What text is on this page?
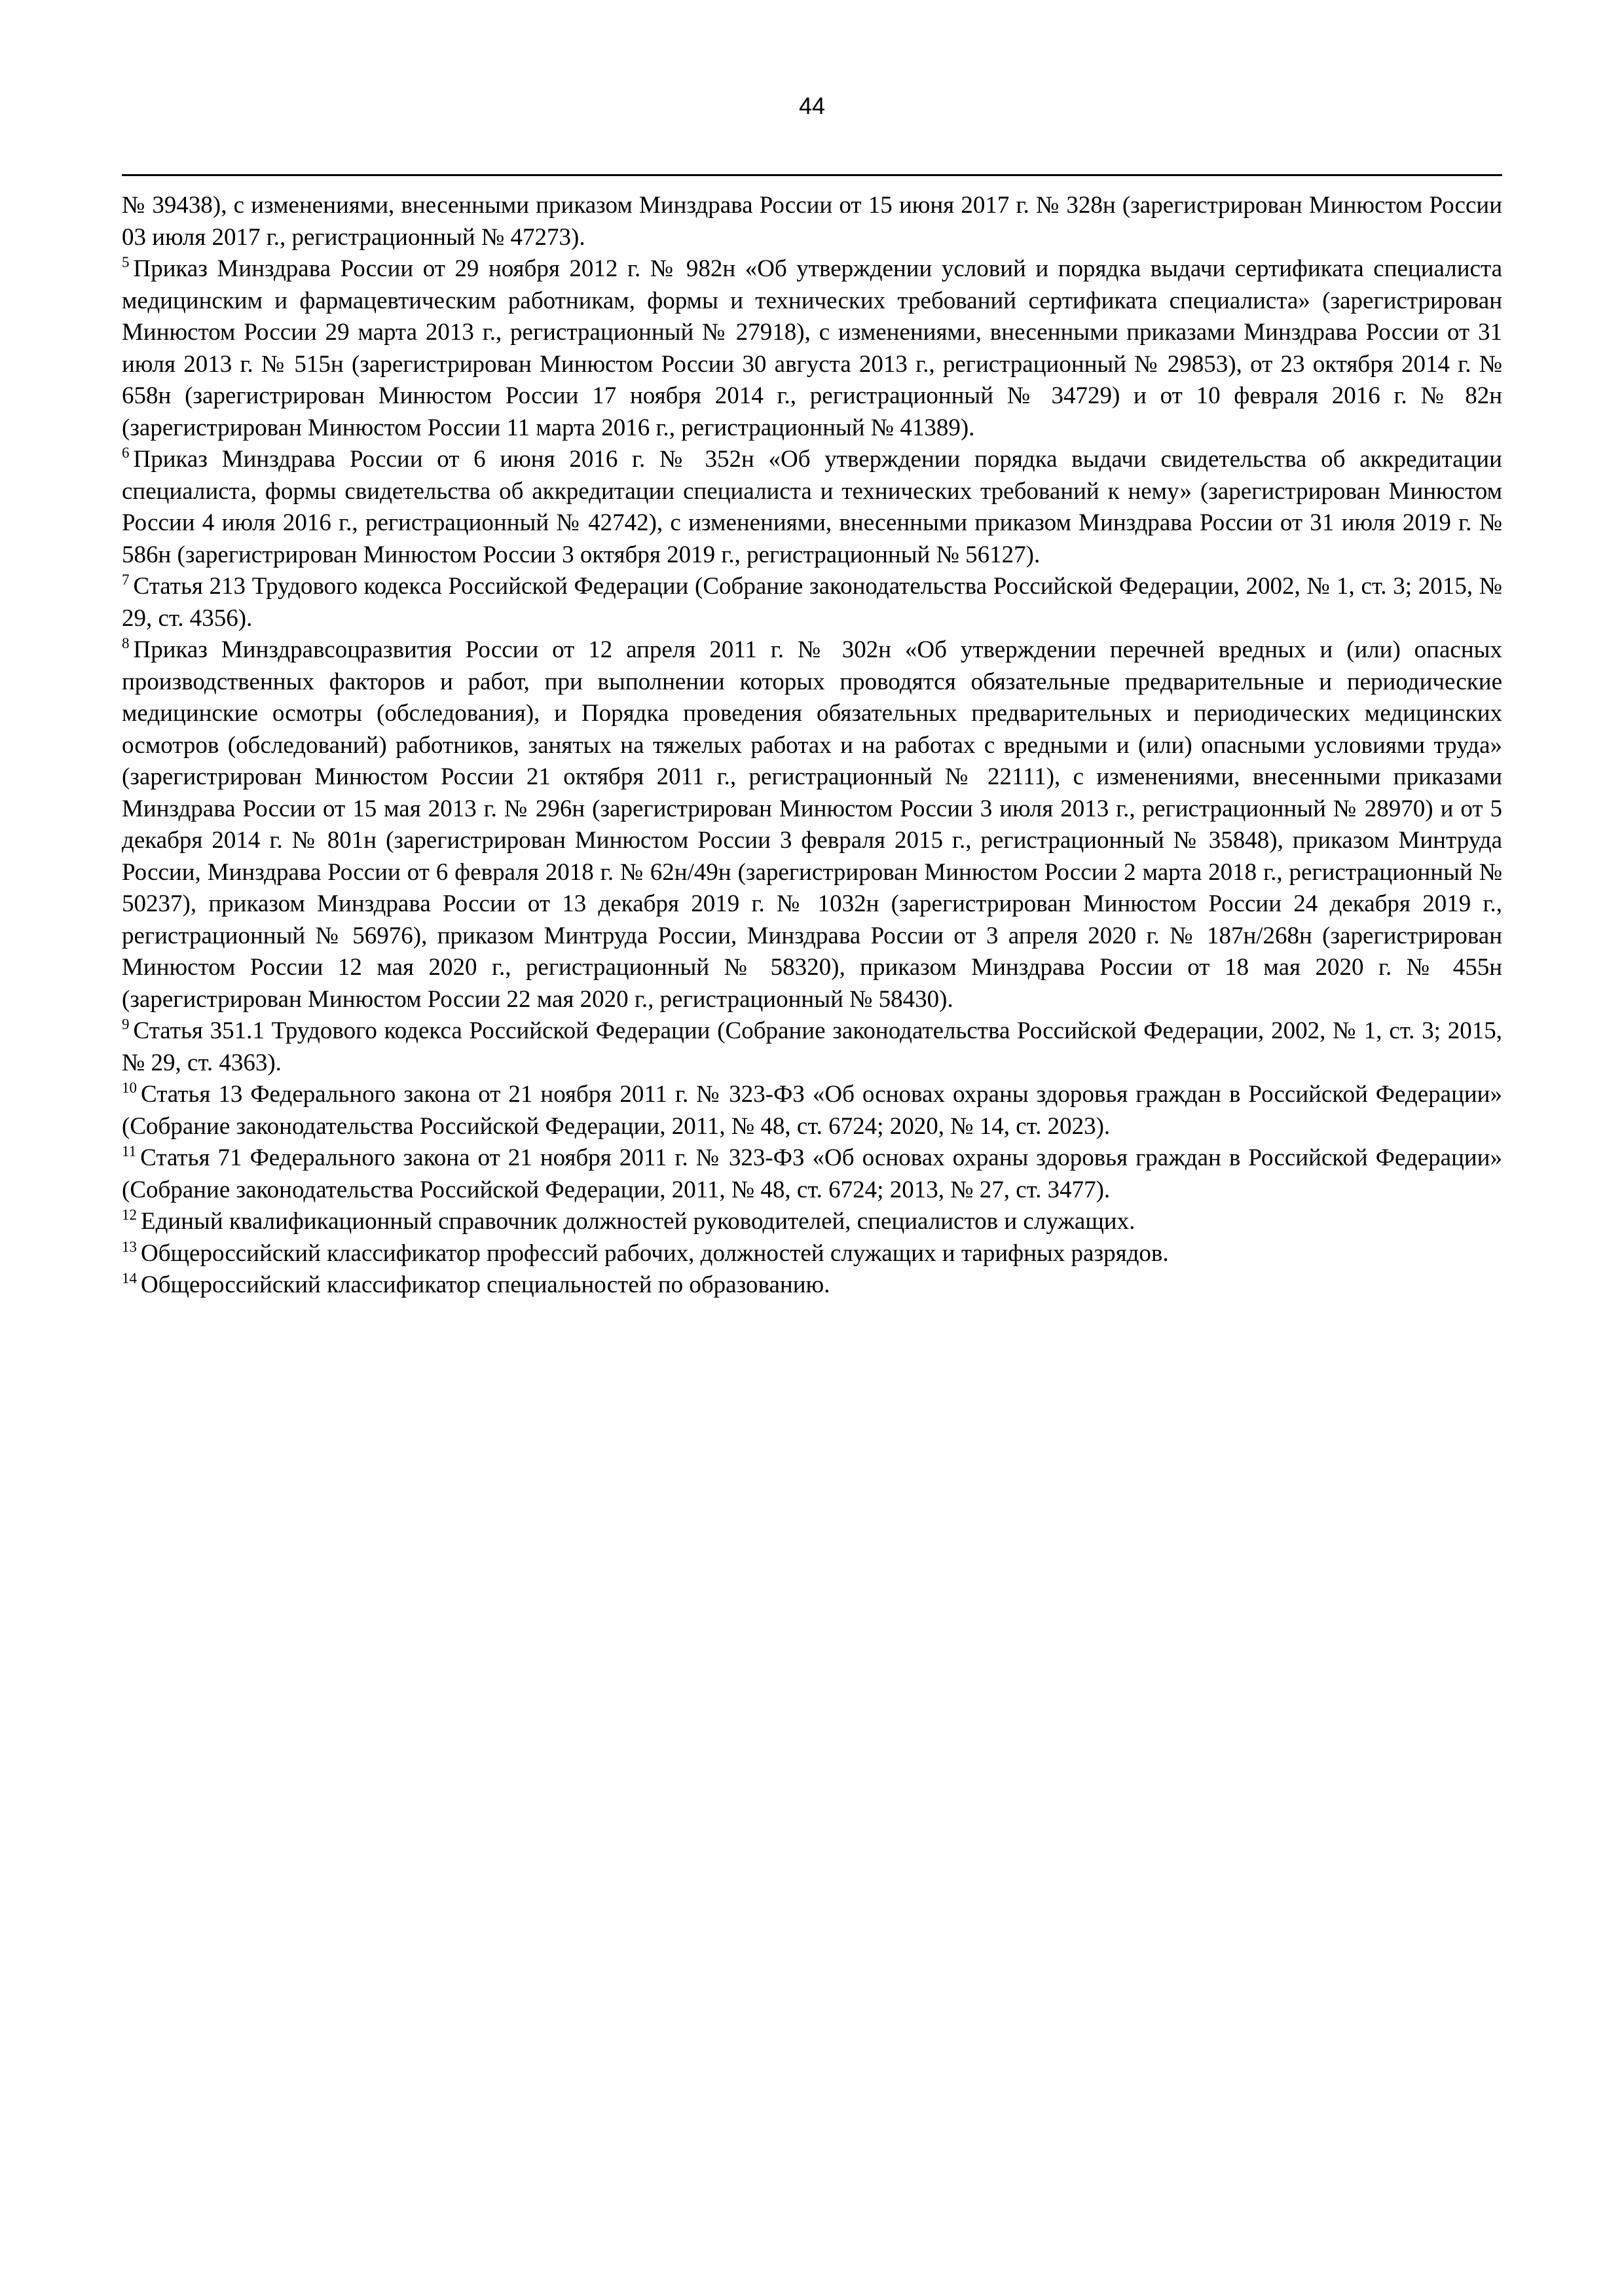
44

№ 39438), с изменениями, внесенными приказом Минздрава России от 15 июня 2017 г. № 328н (зарегистрирован Минюстом России 03 июля 2017 г., регистрационный № 47273).

$^5$ Приказ Минздрава России от 29 ноября 2012 г. № 982н «Об утверждении условий и порядка выдачи сертификата специалиста медицинским и фармацевтическим работникам, формы и технических требований сертификата специалиста» (зарегистрирован Минюстом России 29 марта 2013 г., регистрационный № 27918), с изменениями, внесенными приказами Минздрава России от 31 июля 2013 г. № 515н (зарегистрирован Минюстом России 30 августа 2013 г., регистрационный № 29853), от 23 октября 2014 г. № 658н (зарегистрирован Минюстом России 17 ноября 2014 г., регистрационный № 34729) и от 10 февраля 2016 г. № 82н (зарегистрирован Минюстом России 11 марта 2016 г., регистрационный № 41389).

$^6$ Приказ Минздрава России от 6 июня 2016 г. № 352н «Об утверждении порядка выдачи свидетельства об аккредитации специалиста, формы свидетельства об аккредитации специалиста и технических требований к нему» (зарегистрирован Минюстом России 4 июля 2016 г., регистрационный № 42742), с изменениями, внесенными приказом Минздрава России от 31 июля 2019 г. № 586н (зарегистрирован Минюстом России 3 октября 2019 г., регистрационный № 56127).

$^7$ Статья 213 Трудового кодекса Российской Федерации (Собрание законодательства Российской Федерации, 2002, № 1, ст. 3; 2015, № 29, ст. 4356).

$^8$ Приказ Минздравсоцразвития России от 12 апреля 2011 г. № 302н «Об утверждении перечней вредных и (или) опасных производственных факторов и работ, при выполнении которых проводятся обязательные предварительные и периодические медицинские осмотры (обследования), и Порядка проведения обязательных предварительных и периодических медицинских осмотров (обследований) работников, занятых на тяжелых работах и на работах с вредными и (или) опасными условиями труда» (зарегистрирован Минюстом России 21 октября 2011 г., регистрационный № 22111), с изменениями, внесенными приказами Минздрава России от 15 мая 2013 г. № 296н (зарегистрирован Минюстом России 3 июля 2013 г., регистрационный № 28970) и от 5 декабря 2014 г. № 801н (зарегистрирован Минюстом России 3 февраля 2015 г., регистрационный № 35848), приказом Минтруда России, Минздрава России от 6 февраля 2018 г. № 62н/49н (зарегистрирован Минюстом России 2 марта 2018 г., регистрационный № 50237), приказом Минздрава России от 13 декабря 2019 г. № 1032н (зарегистрирован Минюстом России 24 декабря 2019 г., регистрационный № 56976), приказом Минтруда России, Минздрава России от 3 апреля 2020 г. № 187н/268н (зарегистрирован Минюстом России 12 мая 2020 г., регистрационный № 58320), приказом Минздрава России от 18 мая 2020 г. № 455н (зарегистрирован Минюстом России 22 мая 2020 г., регистрационный № 58430).

$^9$ Статья 351.1 Трудового кодекса Российской Федерации (Собрание законодательства Российской Федерации, 2002, № 1, ст. 3; 2015, № 29, ст. 4363).

$^{10}$ Статья 13 Федерального закона от 21 ноября 2011 г. № 323-ФЗ «Об основах охраны здоровья граждан в Российской Федерации» (Собрание законодательства Российской Федерации, 2011, № 48, ст. 6724; 2020, № 14, ст. 2023).

$^{11}$ Статья 71 Федерального закона от 21 ноября 2011 г. № 323-ФЗ «Об основах охраны здоровья граждан в Российской Федерации» (Собрание законодательства Российской Федерации, 2011, № 48, ст. 6724; 2013, № 27, ст. 3477).

$^{12}$ Единый квалификационный справочник должностей руководителей, специалистов и служащих.

$^{13}$ Общероссийский классификатор профессий рабочих, должностей служащих и тарифных разрядов.

$^{14}$ Общероссийский классификатор специальностей по образованию.
